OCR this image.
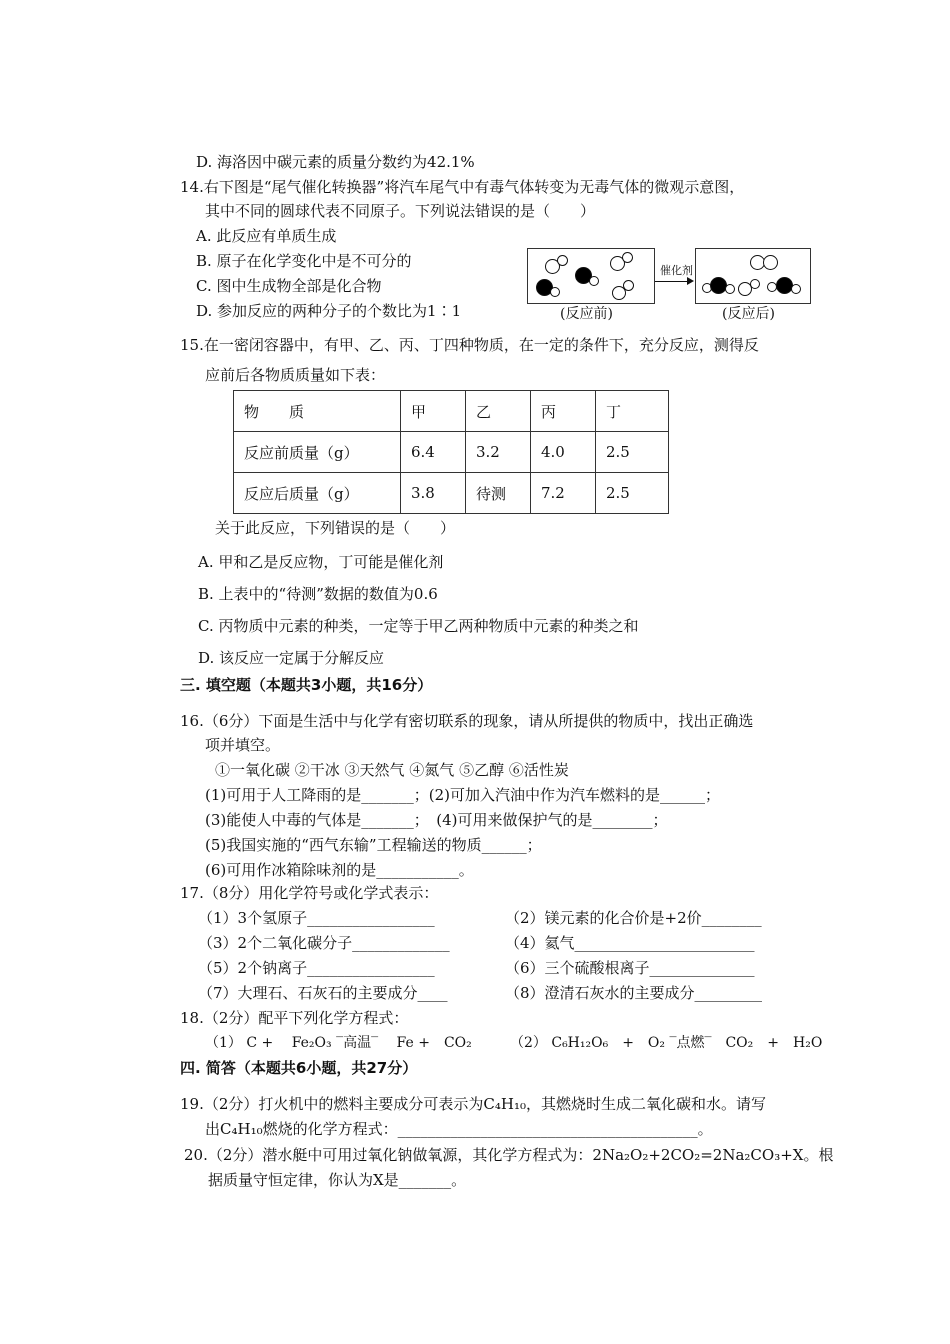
D. 海洛因中碳元素的质量分数约为42.1%
14.右下图是“尾气催化转换器”将汽车尾气中有毒气体转变为无毒气体的微观示意图，
其中不同的圆球代表不同原子。下列说法错误的是（　　）
A. 此反应有单质生成
B. 原子在化学变化中是不可分的
C. 图中生成物全部是化合物
D. 参加反应的两种分子的个数比为1∶1
催化剂
(反应前)	(反应后)
15.在一密闭容器中，有甲、乙、丙、丁四种物质，在一定的条件下，充分反应，测得反
应前后各物质质量如下表：
物　　质	甲	乙	丙	丁
反应前质量（g）	6.4	3.2	4.0	2.5
反应后质量（g）	3.8	待测	7.2	2.5
关于此反应，下列错误的是（　　）
A. 甲和乙是反应物，丁可能是催化剂
B. 上表中的“待测”数据的数值为0.6
C. 丙物质中元素的种类，一定等于甲乙两种物质中元素的种类之和
D. 该反应一定属于分解反应
三. 填空题（本题共3小题，共16分）
16.（6分）下面是生活中与化学有密切联系的现象，请从所提供的物质中，找出正确选
项并填空。
①一氧化碳 ②干冰 ③天然气 ④氮气 ⑤乙醇 ⑥活性炭
(1)可用于人工降雨的是_______；(2)可加入汽油中作为汽车燃料的是______；
(3)能使人中毒的气体是_______；　(4)可用来做保护气的是________；
(5)我国实施的“西气东输”工程输送的物质______；
(6)可用作冰箱除味剂的是___________。
17.（8分）用化学符号或化学式表示：
（1）3个氢原子_________________	（2）镁元素的化合价是+2价________
（3）2个二氧化碳分子_____________	（4）氦气________________________
（5）2个钠离子_________________	（6）三个硫酸根离子______________
（7）大理石、石灰石的主要成分____	（8）澄清石灰水的主要成分_________
18.（2分）配平下列化学方程式：
（1） C +　 Fe₂O₃ ‾高温‾　 Fe +　CO₂	（2） C₆H₁₂O₆　+　O₂ ‾点燃‾　CO₂　+　H₂O
四. 简答（本题共6小题，共27分）
19.（2分）打火机中的燃料主要成分可表示为C₄H₁₀，其燃烧时生成二氧化碳和水。请写
出C₄H₁₀燃烧的化学方程式：________________________________________。
20.（2分）潜水艇中可用过氧化钠做氧源，其化学方程式为：2Na₂O₂+2CO₂=2Na₂CO₃+X。根
据质量守恒定律，你认为X是_______。
